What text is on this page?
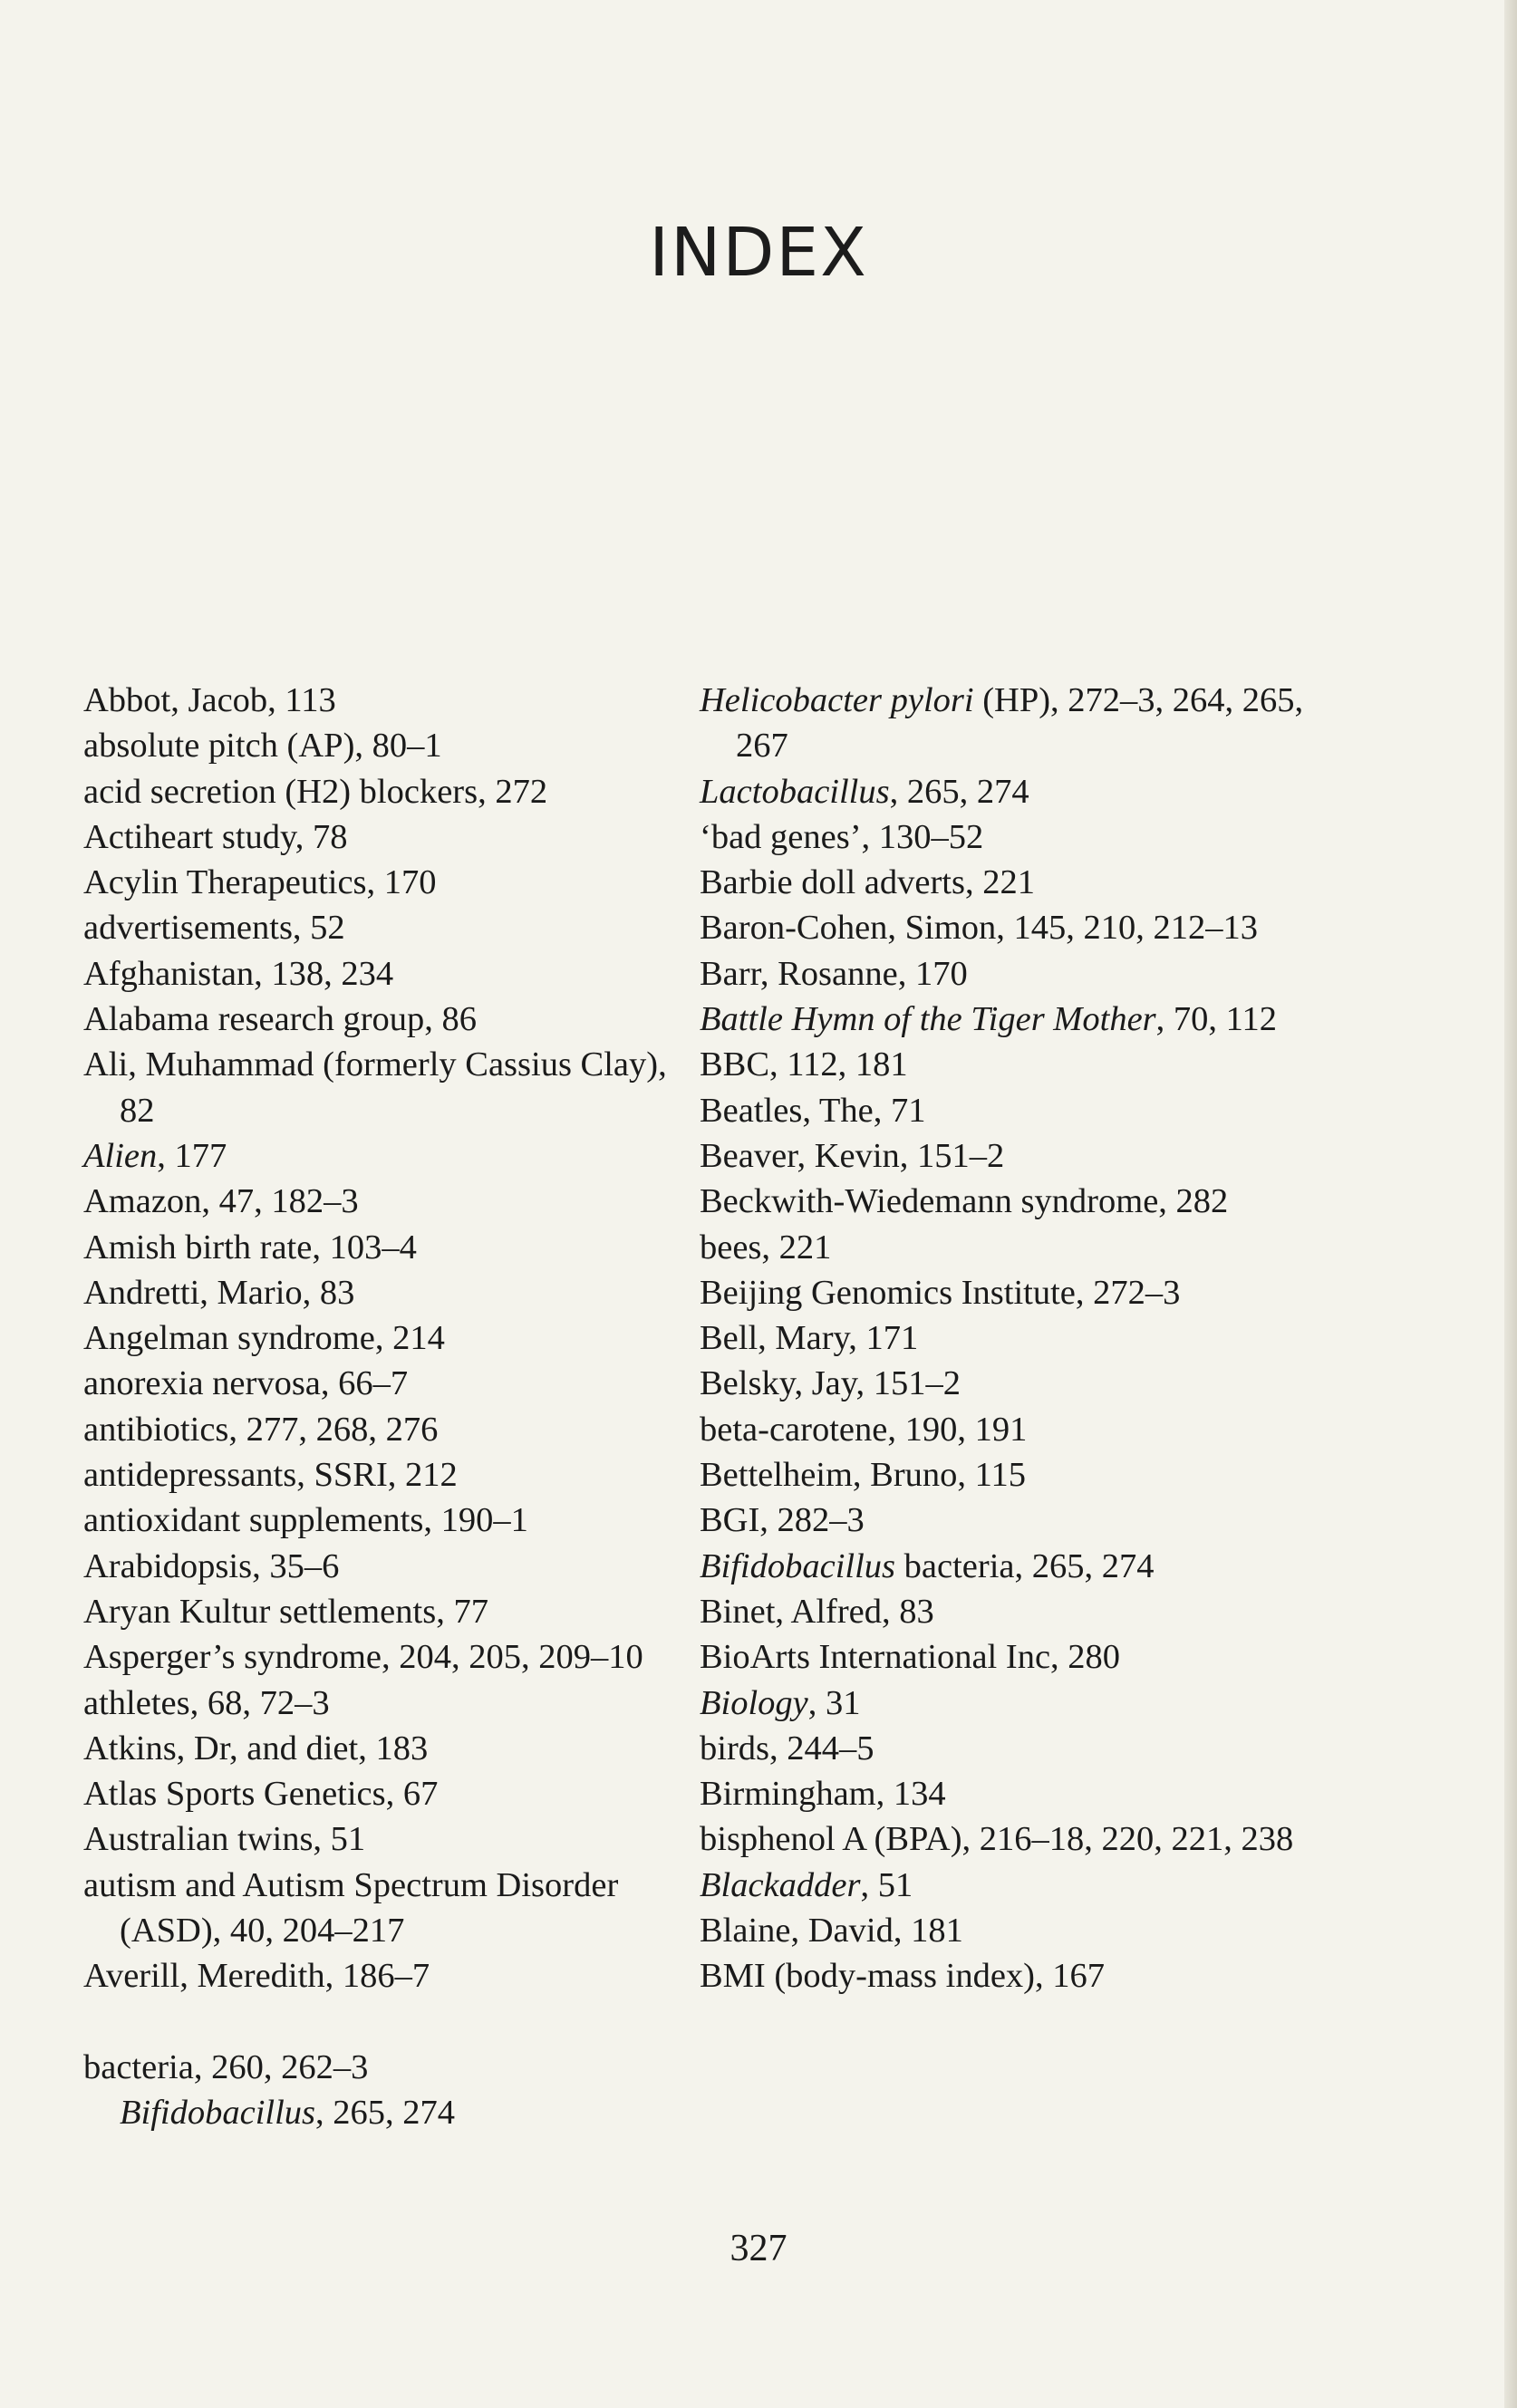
INDEX
Abbot, Jacob, 113
absolute pitch (AP), 80–1
acid secretion (H2) blockers, 272
Actiheart study, 78
Acylin Therapeutics, 170
advertisements, 52
Afghanistan, 138, 234
Alabama research group, 86
Ali, Muhammad (formerly Cassius Clay), 82
Alien, 177
Amazon, 47, 182–3
Amish birth rate, 103–4
Andretti, Mario, 83
Angelman syndrome, 214
anorexia nervosa, 66–7
antibiotics, 277, 268, 276
antidepressants, SSRI, 212
antioxidant supplements, 190–1
Arabidopsis, 35–6
Aryan Kultur settlements, 77
Asperger’s syndrome, 204, 205, 209–10
athletes, 68, 72–3
Atkins, Dr, and diet, 183
Atlas Sports Genetics, 67
Australian twins, 51
autism and Autism Spectrum Disorder (ASD), 40, 204–217
Averill, Meredith, 186–7
bacteria, 260, 262–3
Bifidobacillus, 265, 274
Helicobacter pylori (HP), 272–3, 264, 265, 267
Lactobacillus, 265, 274
‘bad genes’, 130–52
Barbie doll adverts, 221
Baron-Cohen, Simon, 145, 210, 212–13
Barr, Rosanne, 170
Battle Hymn of the Tiger Mother, 70, 112
BBC, 112, 181
Beatles, The, 71
Beaver, Kevin, 151–2
Beckwith-Wiedemann syndrome, 282
bees, 221
Beijing Genomics Institute, 272–3
Bell, Mary, 171
Belsky, Jay, 151–2
beta-carotene, 190, 191
Bettelheim, Bruno, 115
BGI, 282–3
Bifidobacillus bacteria, 265, 274
Binet, Alfred, 83
BioArts International Inc, 280
Biology, 31
birds, 244–5
Birmingham, 134
bisphenol A (BPA), 216–18, 220, 221, 238
Blackadder, 51
Blaine, David, 181
BMI (body-mass index), 167
327
